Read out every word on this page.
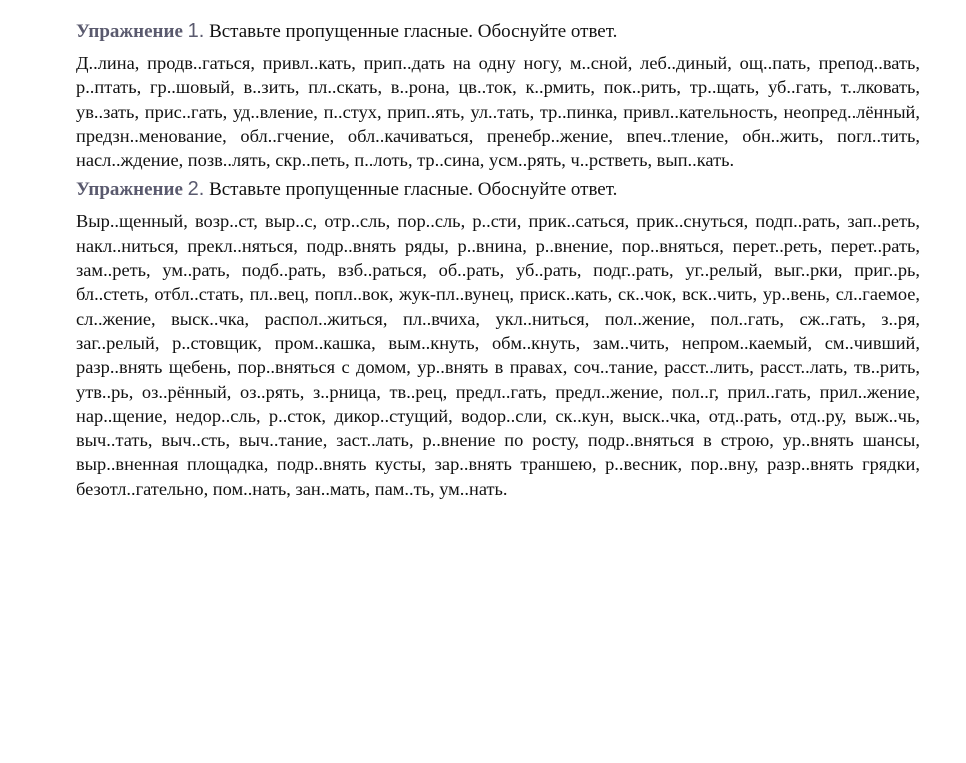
Упражнение 1. Вставьте пропущенные гласные. Обоснуйте ответ.

Д..лина, продв..гаться, привл..кать, прип..дать на одну ногу, м..сной, леб..диный, ощ..пать, препод..вать, р..птать, гр..шовый, в..зить, пл..скать, в..рона, цв..ток, к..рмить, пок..рить, тр..щать, уб..гать, т..лковать, ув..зать, прис..гать, уд..вление, п..стух, прип..ять, ул..тать, тр..пинка, привл..кательность, неопред..лённый, предзн..менование, обл..гчение, обл..качиваться, пренебр..жение, впеч..тление, обн..жить, погл..тить, насл..ждение, позв..лять, скр..петь, п..лоть, тр..сина, усм..рять, ч..рстветь, вып..кать.

Упражнение 2. Вставьте пропущенные гласные. Обоснуйте ответ.

Выр..щенный, возр..ст, выр..с, отр..сль, пор..сль, р..сти, прик..саться, прик..снуться, подп..рать, зап..реть, накл..ниться, прекл..няться, подр..внять ряды, р..внина, р..внение, пор..вняться, перет..реть, перет..рать, зам..реть, ум..рать, подб..рать, взб..раться, об..рать, уб..рать, подг..рать, уг..релый, выг..рки, приг..рь, бл..стеть, отбл..стать, пл..вец, попл..вок, жук-пл..вунец, приск..кать, ск..чок, вск..чить, ур..вень, сл..гаемое, сл..жение, выск..чка, распол..житься, пл..вчиха, укл..ниться, пол..жение, пол..гать, сж..гать, з..ря, заг..релый, р..стовщик, пром..кашка, вым..кнуть, обм..кнуть, зам..чить, непром..каемый, см..чивший, разр..внять щебень, пор..вняться с домом, ур..внять в правах, соч..тание, расст..лить, расст..лать, тв..рить, утв..рь, оз..рённый, оз..рять, з..рница, тв..рец, предл..гать, предл..жение, пол..г, прил..гать, прил..жение, нар..щение, недор..сль, р..сток, дикор..стущий, водор..сли, ск..кун, выск..чка, отд..рать, отд..ру, выж..чь, выч..тать, выч..сть, выч..тание, заст..лать, р..внение по росту, подр..вняться в строю, ур..внять шансы, выр..вненная площадка, подр..внять кусты, зар..внять траншею, р..весник, пор..вну, разр..внять грядки, безотл..гательно, пом..нать, зан..мать, пам..ть, ум..нать.
